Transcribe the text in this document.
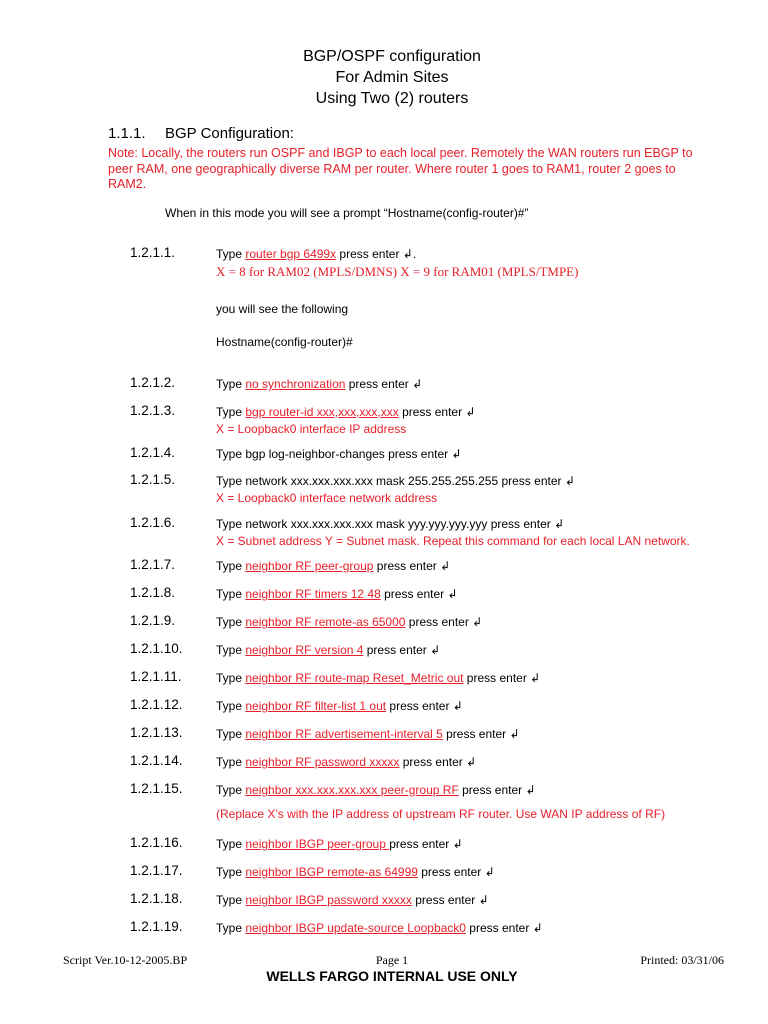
BGP/OSPF configuration
For Admin Sites
Using Two (2) routers
1.1.1. BGP Configuration:
Note: Locally, the routers run OSPF and IBGP to each local peer. Remotely the WAN routers run EBGP to
peer RAM, one geographically diverse RAM per router. Where router 1 goes to RAM1, router 2 goes to
RAM2.
When in this mode you will see a prompt “Hostname(config-router)#”
1.2.1.1.	Type router bgp 6499x press enter ↲.
X = 8 for RAM02 (MPLS/DMNS) X = 9 for RAM01 (MPLS/TMPE)
1.2.1.2.	Type no synchronization press enter ↲
1.2.1.3.	Type bgp router-id xxx,xxx,xxx,xxx press enter ↲
X = Loopback0 interface IP address
1.2.1.4.	Type bgp log-neighbor-changes press enter ↲
1.2.1.5.	Type network xxx.xxx.xxx.xxx mask 255.255.255.255 press enter ↲
X = Loopback0 interface network address
1.2.1.6.	Type network xxx.xxx.xxx.xxx mask yyy.yyy.yyy.yyy press enter ↲
X = Subnet address Y = Subnet mask. Repeat this command for each local LAN network.
1.2.1.7.	Type neighbor RF peer-group press enter ↲
1.2.1.8.	Type neighbor RF timers 12 48 press enter ↲
1.2.1.9.	Type neighbor RF remote-as 65000 press enter ↲
1.2.1.10.	Type neighbor RF version 4 press enter ↲
1.2.1.11.	Type neighbor RF route-map Reset_Metric out press enter ↲
1.2.1.12.	Type neighbor RF filter-list 1 out press enter ↲
1.2.1.13.	Type neighbor RF advertisement-interval 5 press enter ↲
1.2.1.14.	Type neighbor RF password xxxxx press enter ↲
1.2.1.15.	Type neighbor xxx.xxx.xxx.xxx peer-group RF press enter ↲
(Replace X’s with the IP address of upstream RF router. Use WAN IP address of RF)
1.2.1.16.	Type neighbor IBGP peer-group press enter ↲
1.2.1.17.	Type neighbor IBGP remote-as 64999 press enter ↲
1.2.1.18.	Type neighbor IBGP password xxxxx press enter ↲
1.2.1.19.	Type neighbor IBGP update-source Loopback0 press enter ↲
you will see the following
Hostname(config-router)#
Script Ver.10-12-2005.BP	Page 1	Printed: 03/31/06
WELLS FARGO INTERNAL USE ONLY
